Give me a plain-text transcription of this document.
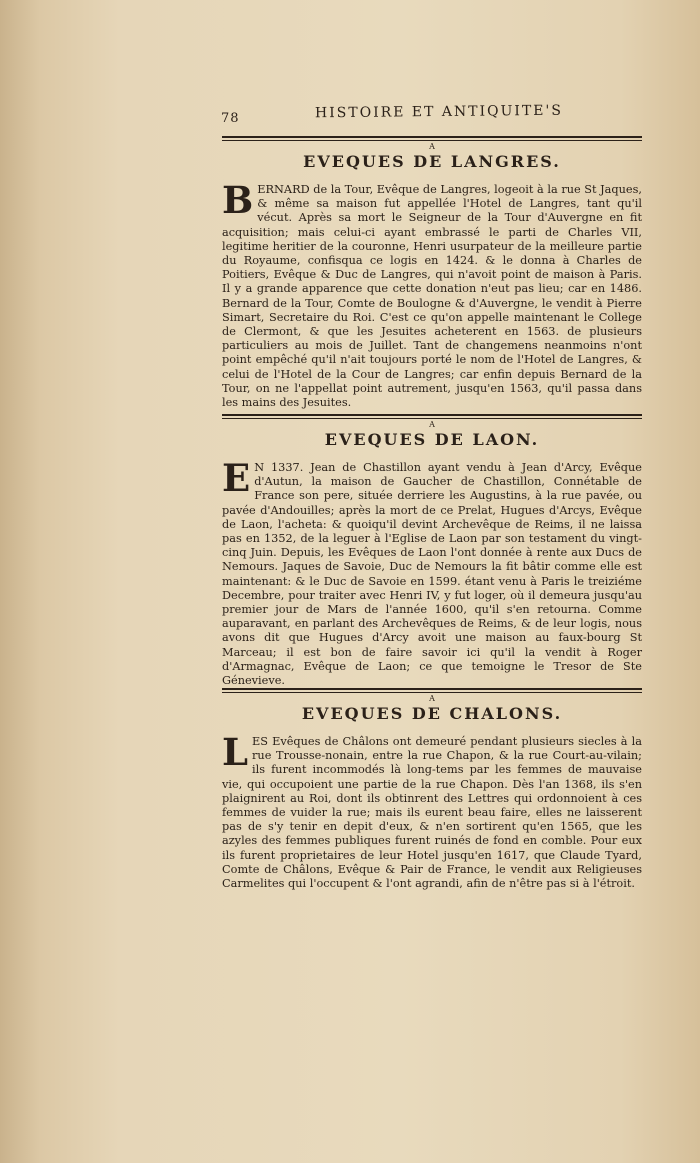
78	HISTOIRE ET ANTIQUITE'S
A
EVEQUES DE LANGRES.

BERNARD de la Tour, Evêque de Langres, logeoit à la rue St Jaques, & même sa maison fut appellée l'Hotel de Langres, tant qu'il vécut. Après sa mort le Seigneur de la Tour d'Auvergne en fit acquisition; mais celui-ci ayant embrassé le parti de Charles VII, legitime heritier de la couronne, Henri usurpateur de la meilleure partie du Royaume, confisqua ce logis en 1424. & le donna à Charles de Poitiers, Evêque & Duc de Langres, qui n'avoit point de maison à Paris. Il y a grande apparence que cette donation n'eut pas lieu; car en 1486. Bernard de la Tour, Comte de Boulogne & d'Auvergne, le vendit à Pierre Simart, Secretaire du Roi. C'est ce qu'on appelle maintenant le College de Clermont, & que les Jesuites acheterent en 1563. de plusieurs particuliers au mois de Juillet. Tant de changemens neanmoins n'ont point empêché qu'il n'ait toujours porté le nom de l'Hotel de Langres, & celui de l'Hotel de la Cour de Langres; car enfin depuis Bernard de la Tour, on ne l'appellat point autrement, jusqu'en 1563, qu'il passa dans les mains des Jesuites.

A
EVEQUES DE LAON.

E N 1337. Jean de Chastillon ayant vendu à Jean d'Arcy, Evêque d'Autun, la maison de Gaucher de Chastillon, Connétable de France son pere, située derriere les Augustins, à la rue pavée, ou pavée d'Andouilles; après la mort de ce Prelat, Hugues d'Arcys, Evêque de Laon, l'acheta: & quoiqu'il devint Archevêque de Reims, il ne laissa pas en 1352, de la leguer à l'Eglise de Laon par son testament du vingt-cinq Juin. Depuis, les Evêques de Laon l'ont donnée à rente aux Ducs de Nemours. Jaques de Savoie, Duc de Nemours la fit bâtir comme elle est maintenant: & le Duc de Savoie en 1599. étant venu à Paris le treiziéme Decembre, pour traiter avec Henri IV, y fut loger, où il demeura jusqu'au premier jour de Mars de l'année 1600, qu'il s'en retourna. Comme auparavant, en parlant des Archevêques de Reims, & de leur logis, nous avons dit que Hugues d'Arcy avoit une maison au faux-bourg St Marceau; il est bon de faire savoir ici qu'il la vendit à Roger d'Armagnac, Evêque de Laon; ce que temoigne le Tresor de Ste Génevieve.

A
EVEQUES DE CHALONS.

LES Evêques de Châlons ont demeuré pendant plusieurs siecles à la rue Trousse-nonain, entre la rue Chapon, & la rue Court-au-vilain; ils furent incommodés là long-tems par les femmes de mauvaise vie, qui occupoient une partie de la rue Chapon. Dès l'an 1368, ils s'en plaignirent au Roi, dont ils obtinrent des Lettres qui ordonnoient à ces femmes de vuider la rue; mais ils eurent beau faire, elles ne laisserent pas de s'y tenir en depit d'eux, & n'en sortirent qu'en 1565, que les azyles des femmes publiques furent ruinés de fond en comble. Pour eux ils furent proprietaires de leur Hotel jusqu'en 1617, que Claude Tyard, Comte de Châlons, Evêque & Pair de France, le vendit aux Religieuses Carmelites qui l'occupent & l'ont agrandi, afin de n'être pas si à l'étroit.
